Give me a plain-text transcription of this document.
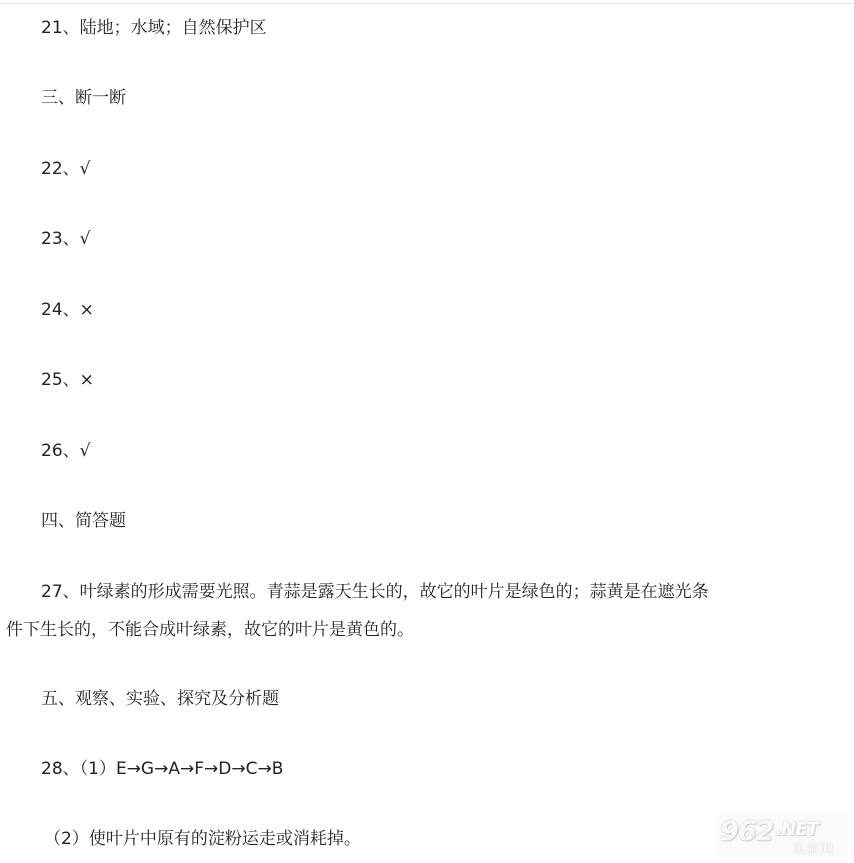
21、陆地；水域；自然保护区
三、断一断
22、√
23、√
24、×
25、×
26、√
四、简答题
27、叶绿素的形成需要光照。青蒜是露天生长的，故它的叶片是绿色的；蒜黄是在遮光条
件下生长的，不能合成叶绿素，故它的叶片是黄色的。
五、观察、实验、探究及分析题
28、（1）E→G→A→F→D→C→B
（2）使叶片中原有的淀粉运走或消耗掉。	962 .NET
乐游网
